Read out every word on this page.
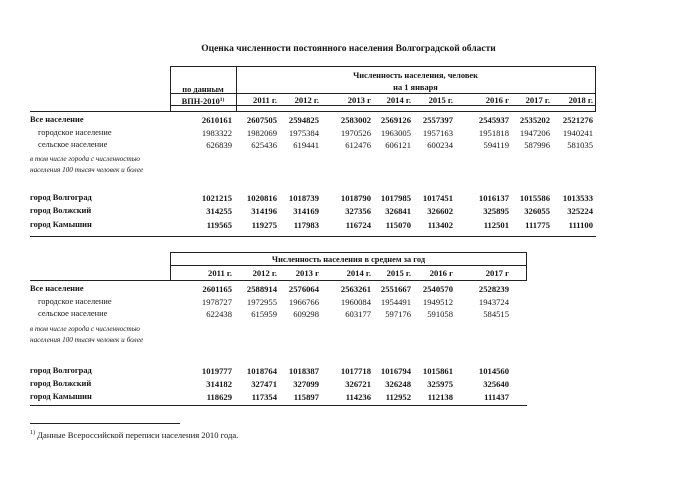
Оценка численности постоянного населения Волгоградской области
Численность населения, человек
на 1 января
по данным
ВПН-2010$^{1)}$	2011 г.	2012 г.	2013 г	2014 г.	2015 г.	2016 г	2017 г.	2018 г.
Все население	2610161	2607505	2594825	2583002	2569126	2557397	2545937	2535202	2521276
городское население	1983322	1982069	1975384	1970526	1963005	1957163	1951818	1947206	1940241
сельское население	626839	625436	619441	612476	606121	600234	594119	587996	581035
город Волгоград	1021215	1020816	1018739	1018790	1017985	1017451	1016137	1015586	1013533
город Волжский	314255	314196	314169	327356	326841	326602	325895	326055	325224
город Камышин	119565	119275	117983	116724	115070	113402	112501	111775	111100
в том числе города с численностью населения 100 тысяч человек и более
Численность населения в среднем за год
2011 г.	2012 г.	2013 г	2014 г.	2015 г.	2016 г	2017 г
Все население	2601165	2588914	2576064	2563261	2551667	2540570	2528239
городское население	1978727	1972955	1966766	1960084	1954491	1949512	1943724
сельское население	622438	615959	609298	603177	597176	591058	584515
город Волгоград	1019777	1018764	1018387	1017718	1016794	1015861	1014560
город Волжский	314182	327471	327099	326721	326248	325975	325640
город Камышин	118629	117354	115897	114236	112952	112138	111437
в том числе города с численностью населения 100 тысяч человек и более
$^{1)}$ Данные Всероссийской переписи населения 2010 года.
